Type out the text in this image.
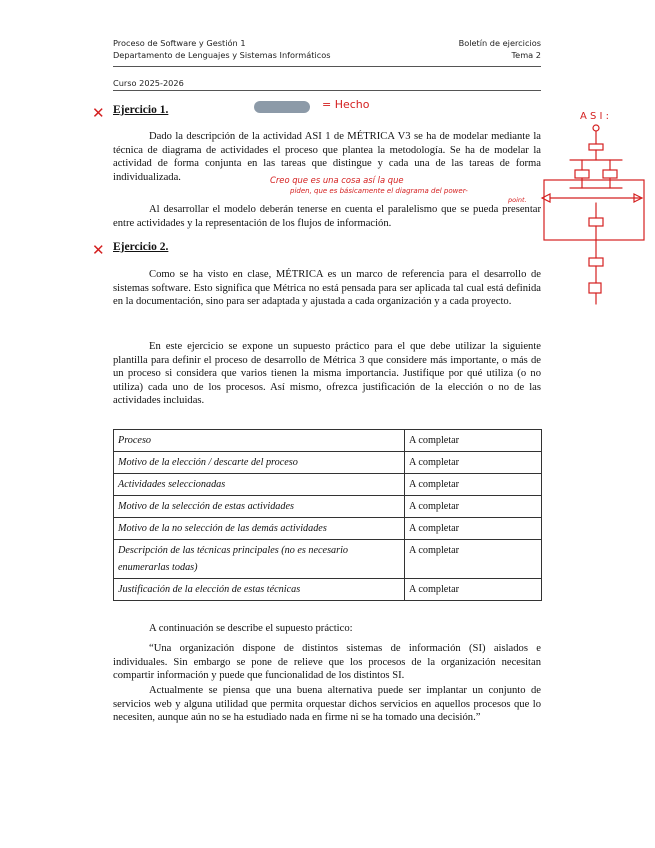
Proceso de Software y Gestión 1
Departamento de Lenguajes y Sistemas Informáticos
Boletín de ejercicios
Tema 2
Curso 2025-2026
✕ Ejercicio 1.	= Hecho

Dado la descripción de la actividad ASI 1 de MÉTRICA V3 se ha de modelar mediante la técnica de diagrama de actividades el proceso que plantea la metodología. Se ha de modelar la actividad de forma conjunta en las tareas que distingue y cada una de las tareas de forma individualizada.	Creo que es una cosa así la que
piden, que es básicamente el diagrama del power-
point.

Al desarrollar el modelo deberán tenerse en cuenta el paralelismo que se pueda presentar entre actividades y la representación de los flujos de información.

✕ Ejercicio 2.

Como se ha visto en clase, MÉTRICA es un marco de referencia para el desarrollo de sistemas software. Esto significa que Métrica no está pensada para ser aplicada tal cual está definida en la documentación, sino para ser adaptada y ajustada a cada organización y a cada proyecto.

En este ejercicio se expone un supuesto práctico para el que debe utilizar la siguiente plantilla para definir el proceso de desarrollo de Métrica 3 que considere más importante, o más de un proceso si considera que varios tienen la misma importancia. Justifique por qué utiliza (o no utiliza) cada uno de los procesos. Así mismo, ofrezca justificación de la elección o no de las actividades incluidas.

Proceso	A completar
Motivo de la elección / descarte del proceso	A completar
Actividades seleccionadas	A completar
Motivo de la selección de estas actividades	A completar
Motivo de la no selección de las demás actividades	A completar
Descripción de las técnicas principales (no es necesario enumerarlas todas)	A completar
Justificación de la elección de estas técnicas	A completar

A continuación se describe el supuesto práctico:

“Una organización dispone de distintos sistemas de información (SI) aislados e individuales. Sin embargo se pone de relieve que los procesos de la organización necesitan compartir información y puede que funcionalidad de los distintos SI.

Actualmente se piensa que una buena alternativa puede ser implantar un conjunto de servicios web y alguna utilidad que permita orquestar dichos servicios en aquellos procesos que lo necesiten, aunque aún no se ha estudiado nada en firme ni se ha tomado una decisión.”

A S I :
